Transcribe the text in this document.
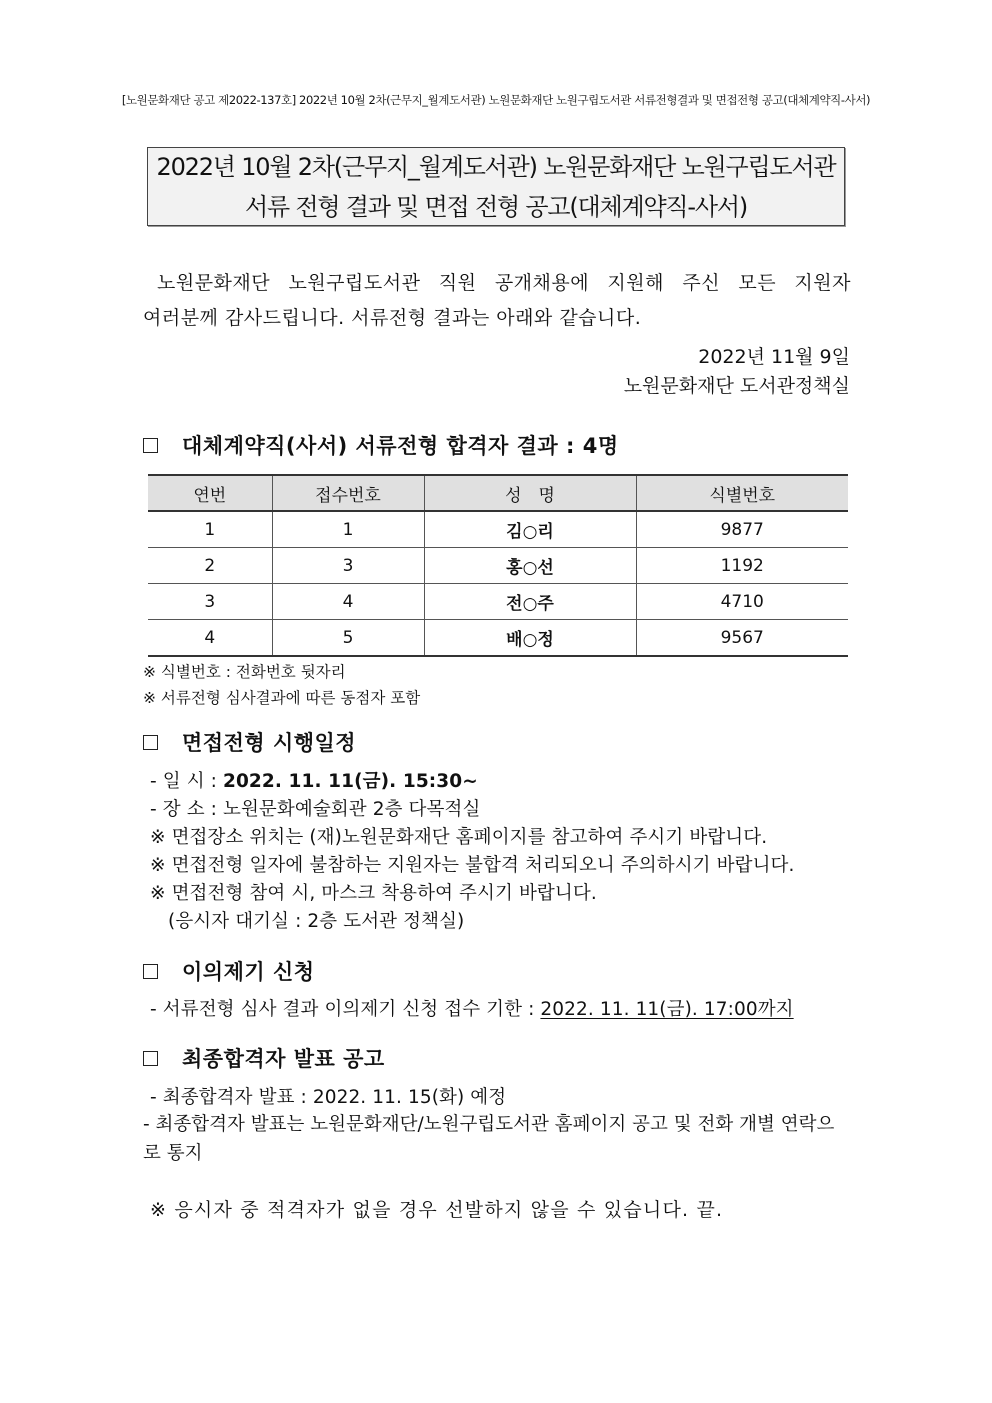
[노원문화재단 공고 제2022-137호] 2022년 10월 2차(근무지_월계도서관) 노원문화재단 노원구립도서관 서류전형결과 및 면접전형 공고(대체계약직-사서)
2022년 10월 2차(근무지_월계도서관) 노원문화재단 노원구립도서관
서류 전형 결과 및 면접 전형 공고(대체계약직-사서)
노원문화재단 노원구립도서관 직원 공개채용에 지원해 주신 모든 지원자
여러분께 감사드립니다. 서류전형 결과는 아래와 같습니다.
2022년 11월 9일
노원문화재단 도서관정책실
대체계약직(사서) 서류전형 합격자 결과 : 4명
연번	접수번호	성　명	식별번호
1	1	김○리	9877
2	3	홍○선	1192
3	4	전○주	4710
4	5	배○정	9567
※ 식별번호 : 전화번호 뒷자리
※ 서류전형 심사결과에 따른 동점자 포함
면접전형 시행일정
- 일 시 : 2022. 11. 11(금). 15:30~
- 장 소 : 노원문화예술회관 2층 다목적실
※ 면접장소 위치는 (재)노원문화재단 홈페이지를 참고하여 주시기 바랍니다.
※ 면접전형 일자에 불참하는 지원자는 불합격 처리되오니 주의하시기 바랍니다.
※ 면접전형 참여 시, 마스크 착용하여 주시기 바랍니다.
(응시자 대기실 : 2층 도서관 정책실)
이의제기 신청
- 서류전형 심사 결과 이의제기 신청 접수 기한 : 2022. 11. 11(금). 17:00까지
최종합격자 발표 공고
- 최종합격자 발표 : 2022. 11. 15(화) 예정
- 최종합격자 발표는 노원문화재단/노원구립도서관 홈페이지 공고 및 전화 개별 연락으로 통지
※ 응시자 중 적격자가 없을 경우 선발하지 않을 수 있습니다. 끝.
